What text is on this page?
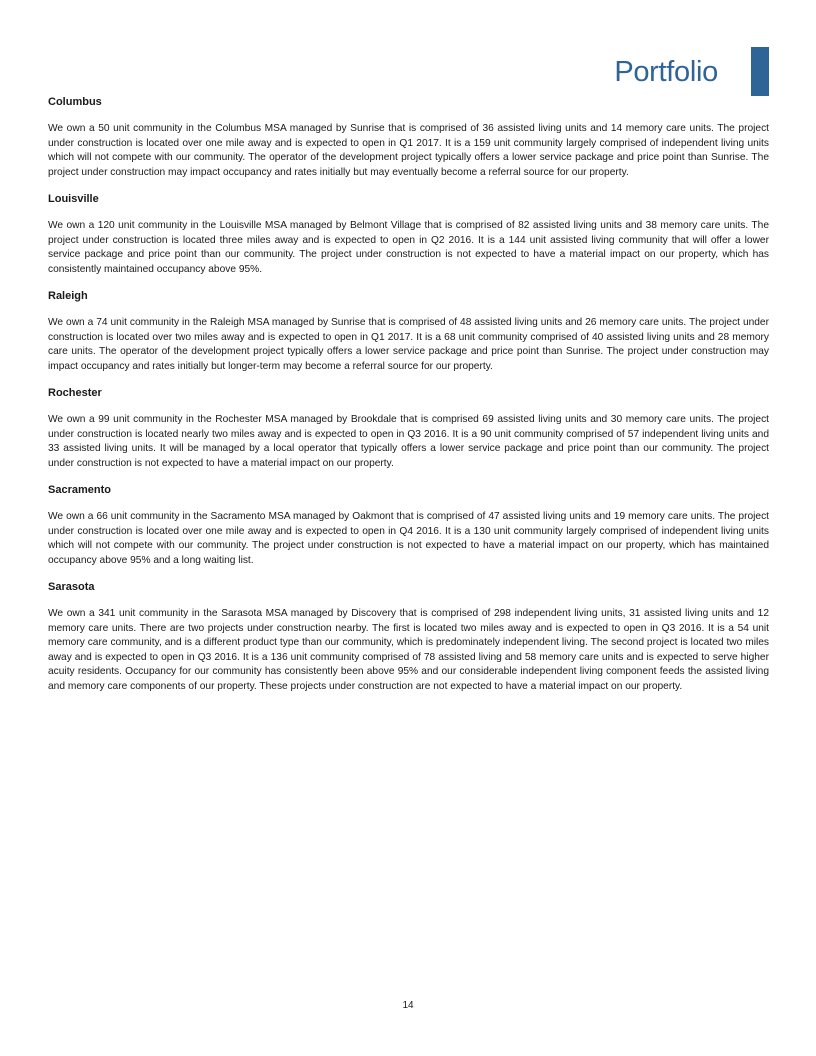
Portfolio

Columbus

We own a 50 unit community in the Columbus MSA managed by Sunrise that is comprised of 36 assisted living units and 14 memory care units. The project under construction is located over one mile away and is expected to open in Q1 2017. It is a 159 unit community largely comprised of independent living units which will not compete with our community. The operator of the development project typically offers a lower service package and price point than Sunrise. The project under construction may impact occupancy and rates initially but may eventually become a referral source for our property.

Louisville

We own a 120 unit community in the Louisville MSA managed by Belmont Village that is comprised of 82 assisted living units and 38 memory care units. The project under construction is located three miles away and is expected to open in Q2 2016. It is a 144 unit assisted living community that will offer a lower service package and price point than our community. The project under construction is not expected to have a material impact on our property, which has consistently maintained occupancy above 95%.

Raleigh

We own a 74 unit community in the Raleigh MSA managed by Sunrise that is comprised of 48 assisted living units and 26 memory care units. The project under construction is located over two miles away and is expected to open in Q1 2017. It is a 68 unit community comprised of 40 assisted living units and 28 memory care units. The operator of the development project typically offers a lower service package and price point than Sunrise. The project under construction may impact occupancy and rates initially but longer-term may become a referral source for our property.

Rochester

We own a 99 unit community in the Rochester MSA managed by Brookdale that is comprised 69 assisted living units and 30 memory care units. The project under construction is located nearly two miles away and is expected to open in Q3 2016. It is a 90 unit community comprised of 57 independent living units and 33 assisted living units. It will be managed by a local operator that typically offers a lower service package and price point than our community. The project under construction is not expected to have a material impact on our property.

Sacramento

We own a 66 unit community in the Sacramento MSA managed by Oakmont that is comprised of 47 assisted living units and 19 memory care units. The project under construction is located over one mile away and is expected to open in Q4 2016. It is a 130 unit community largely comprised of independent living units which will not compete with our community. The project under construction is not expected to have a material impact on our property, which has maintained occupancy above 95% and a long waiting list.

Sarasota

We own a 341 unit community in the Sarasota MSA managed by Discovery that is comprised of 298 independent living units, 31 assisted living units and 12 memory care units. There are two projects under construction nearby. The first is located two miles away and is expected to open in Q3 2016. It is a 54 unit memory care community, and is a different product type than our community, which is predominately independent living. The second project is located two miles away and is expected to open in Q3 2016. It is a 136 unit community comprised of 78 assisted living and 58 memory care units and is expected to serve higher acuity residents. Occupancy for our community has consistently been above 95% and our considerable independent living component feeds the assisted living and memory care components of our property. These projects under construction are not expected to have a material impact on our property.

14
